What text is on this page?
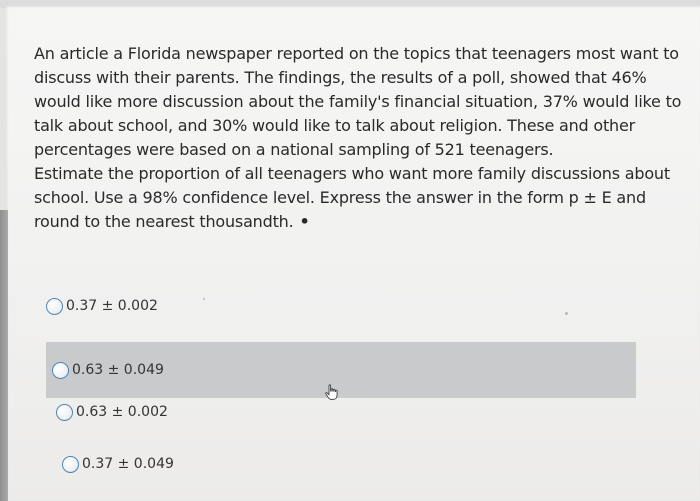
An article a Florida newspaper reported on the topics that teenagers most want to discuss with their parents. The findings, the results of a poll, showed that 46% would like more discussion about the family's financial situation, 37% would like to talk about school, and 30% would like to talk about religion. These and other percentages were based on a national sampling of 521 teenagers.

Estimate the proportion of all teenagers who want more family discussions about school. Use a 98% confidence level. Express the answer in the form p ± E and round to the nearest thousandth. •

0.37 ± 0.002
0.63 ± 0.049
0.63 ± 0.002
0.37 ± 0.049
